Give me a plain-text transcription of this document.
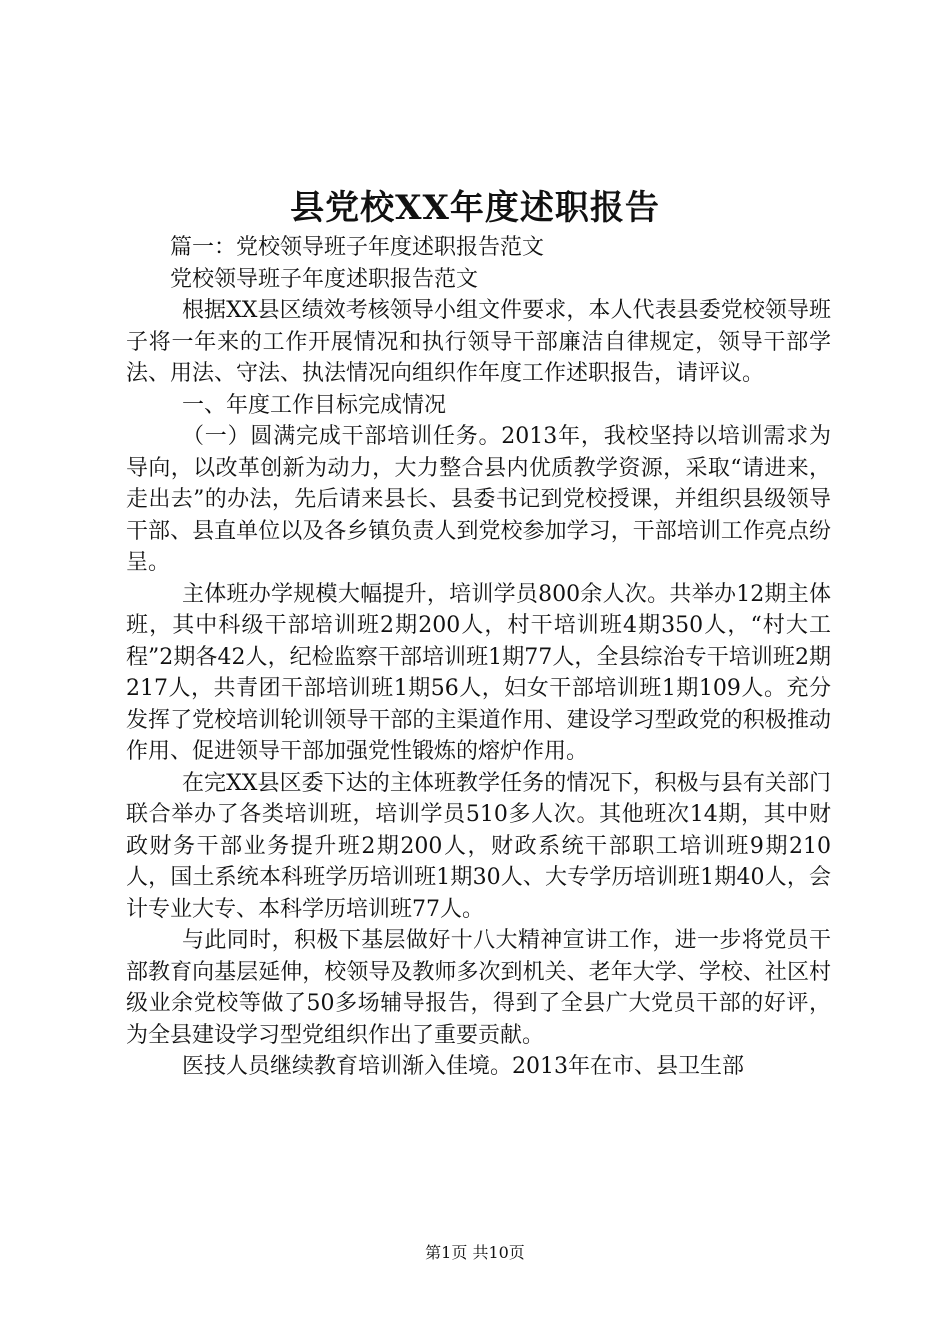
县党校XX年度述职报告

篇一：党校领导班子年度述职报告范文

党校领导班子年度述职报告范文

根据XX县区绩效考核领导小组文件要求，本人代表县委党校领导班子将一年来的工作开展情况和执行领导干部廉洁自律规定，领导干部学法、用法、守法、执法情况向组织作年度工作述职报告，请评议。

一、年度工作目标完成情况

（一）圆满完成干部培训任务。2013年，我校坚持以培训需求为导向，以改革创新为动力，大力整合县内优质教学资源，采取“请进来，走出去”的办法，先后请来县长、县委书记到党校授课，并组织县级领导干部、县直单位以及各乡镇负责人到党校参加学习，干部培训工作亮点纷呈。

主体班办学规模大幅提升，培训学员800余人次。共举办12期主体班，其中科级干部培训班2期200人，村干培训班4期350人，“村大工程”2期各42人，纪检监察干部培训班1期77人，全县综治专干培训班2期217人，共青团干部培训班1期56人，妇女干部培训班1期109人。充分发挥了党校培训轮训领导干部的主渠道作用、建设学习型政党的积极推动作用、促进领导干部加强党性锻炼的熔炉作用。

在完XX县区委下达的主体班教学任务的情况下，积极与县有关部门联合举办了各类培训班，培训学员510多人次。其他班次14期，其中财政财务干部业务提升班2期200人，财政系统干部职工培训班9期210人，国土系统本科班学历培训班1期30人、大专学历培训班1期40人，会计专业大专、本科学历培训班77人。

与此同时，积极下基层做好十八大精神宣讲工作，进一步将党员干部教育向基层延伸，校领导及教师多次到机关、老年大学、学校、社区村级业余党校等做了50多场辅导报告，得到了全县广大党员干部的好评，为全县建设学习型党组织作出了重要贡献。

医技人员继续教育培训渐入佳境。2013年在市、县卫生部

第1页 共10页
